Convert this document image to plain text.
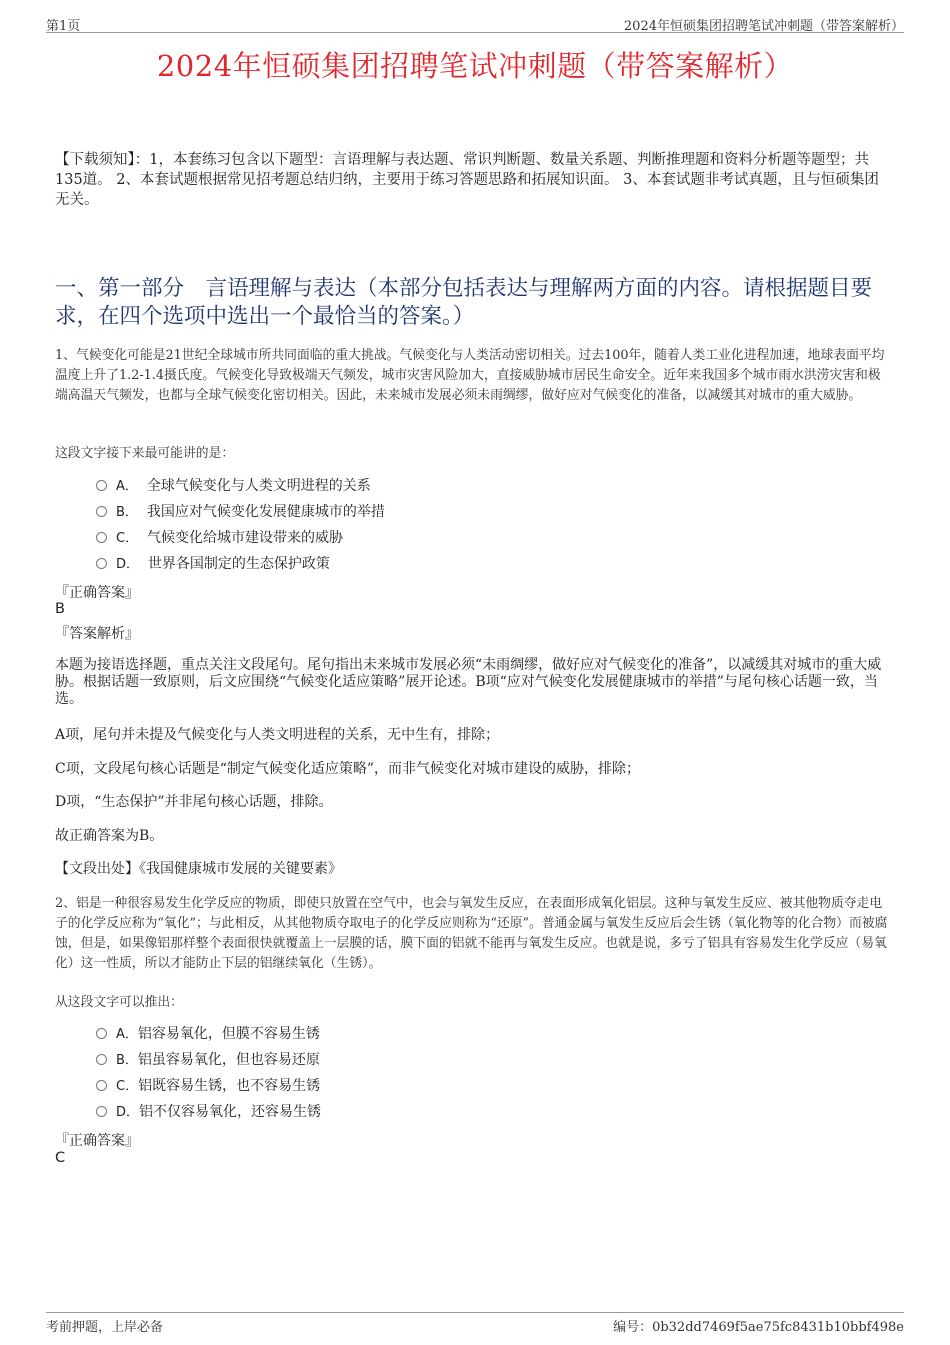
第1页	2024年恒硕集团招聘笔试冲刺题（带答案解析）
2024年恒硕集团招聘笔试冲刺题（带答案解析）
【下载须知】：1，本套练习包含以下题型：言语理解与表达题、常识判断题、数量关系题、判断推理题和资料分析题等题型；共135道。 2、本套试题根据常见招考题总结归纳，主要用于练习答题思路和拓展知识面。 3、本套试题非考试真题，且与恒硕集团无关。
一、第一部分　言语理解与表达（本部分包括表达与理解两方面的内容。请根据题目要求，在四个选项中选出一个最恰当的答案。）
1、气候变化可能是21世纪全球城市所共同面临的重大挑战。气候变化与人类活动密切相关。过去100年，随着人类工业化进程加速，地球表面平均温度上升了1.2-1.4摄氏度。气候变化导致极端天气频发，城市灾害风险加大，直接威胁城市居民生命安全。近年来我国多个城市雨水洪涝灾害和极端高温天气频发，也都与全球气候变化密切相关。因此，未来城市发展必须未雨绸缪，做好应对气候变化的准备，以减缓其对城市的重大威胁。
这段文字接下来最可能讲的是：
A． 全球气候变化与人类文明进程的关系
B． 我国应对气候变化发展健康城市的举措
C． 气候变化给城市建设带来的威胁
D． 世界各国制定的生态保护政策
『正确答案』
B
『答案解析』
本题为接语选择题，重点关注文段尾句。尾句指出未来城市发展必须“未雨绸缪，做好应对气候变化的准备”，以减缓其对城市的重大威胁。根据话题一致原则，后文应围绕“气候变化适应策略”展开论述。B项“应对气候变化发展健康城市的举措”与尾句核心话题一致，当选。
A项，尾句并未提及气候变化与人类文明进程的关系，无中生有，排除；
C项，文段尾句核心话题是“制定气候变化适应策略”，而非气候变化对城市建设的威胁，排除；
D项，“生态保护”并非尾句核心话题，排除。
故正确答案为B。
【文段出处】《我国健康城市发展的关键要素》
2、铝是一种很容易发生化学反应的物质，即使只放置在空气中，也会与氧发生反应，在表面形成氧化铝层。这种与氧发生反应、被其他物质夺走电子的化学反应称为“氧化”；与此相反，从其他物质夺取电子的化学反应则称为“还原”。普通金属与氧发生反应后会生锈（氧化物等的化合物）而被腐蚀，但是，如果像铝那样整个表面很快就覆盖上一层膜的话，膜下面的铝就不能再与氧发生反应。也就是说，多亏了铝具有容易发生化学反应（易氧化）这一性质，所以才能防止下层的铝继续氧化（生锈）。
从这段文字可以推出：
A．铝容易氧化，但膜不容易生锈
B．铝虽容易氧化，但也容易还原
C．铝既容易生锈，也不容易生锈
D．铝不仅容易氧化，还容易生锈
『正确答案』
C
考前押题，上岸必备	编号：0b32dd7469f5ae75fc8431b10bbf498e
